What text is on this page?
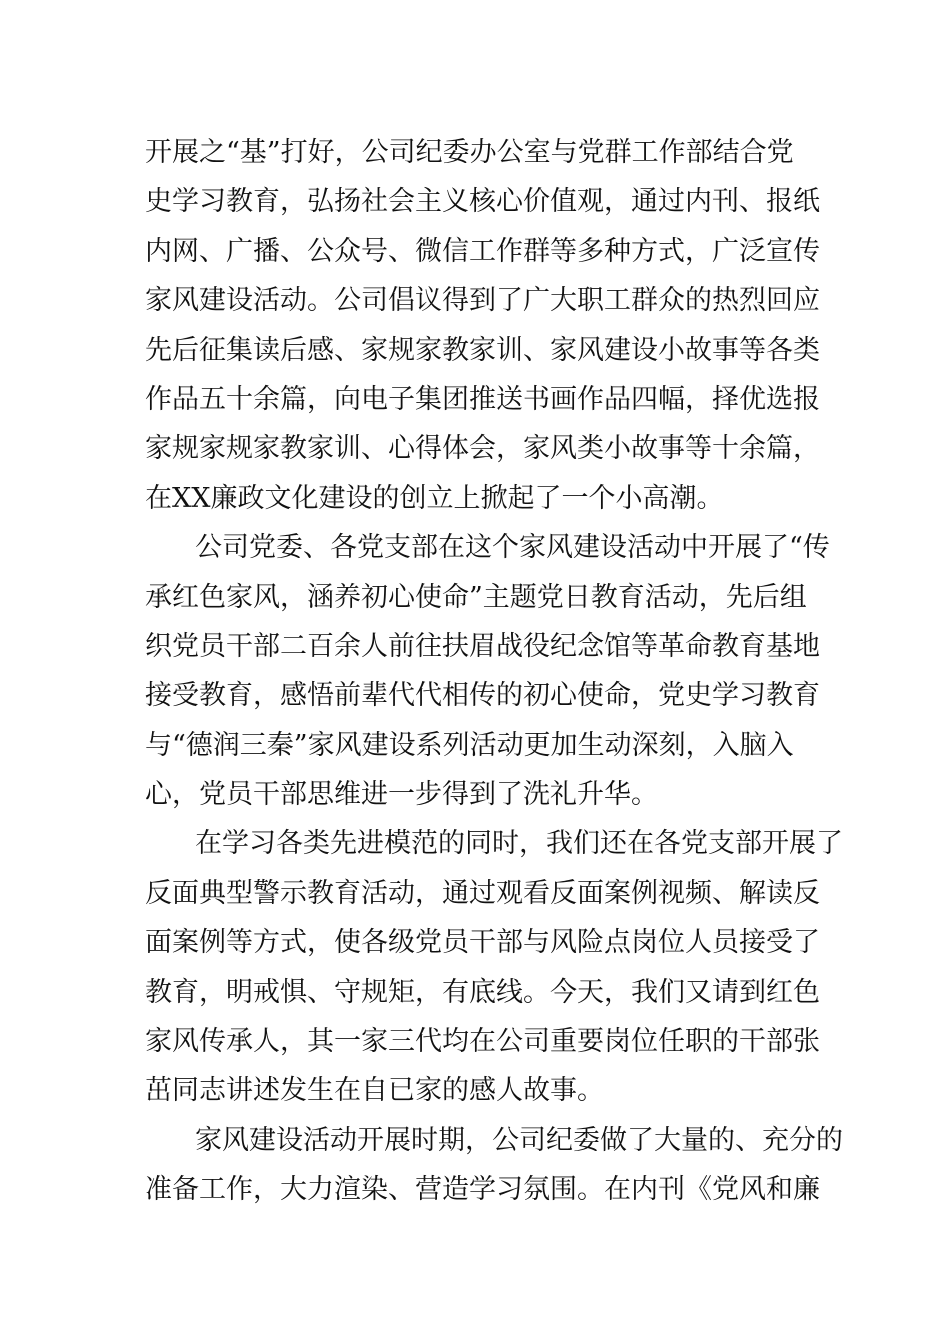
开展之“基”打好，公司纪委办公室与党群工作部结合党
史学习教育，弘扬社会主义核心价值观，通过内刊、报纸
内网、广播、公众号、微信工作群等多种方式，广泛宣传
家风建设活动。公司倡议得到了广大职工群众的热烈回应
先后征集读后感、家规家教家训、家风建设小故事等各类
作品五十余篇，向电子集团推送书画作品四幅，择优选报
家规家规家教家训、心得体会，家风类小故事等十余篇，
在XX廉政文化建设的创立上掀起了一个小高潮。
公司党委、各党支部在这个家风建设活动中开展了“传
承红色家风，涵养初心使命”主题党日教育活动，先后组
织党员干部二百余人前往扶眉战役纪念馆等革命教育基地
接受教育，感悟前辈代代相传的初心使命，党史学习教育
与“德润三秦”家风建设系列活动更加生动深刻，入脑入
心，党员干部思维进一步得到了洗礼升华。
在学习各类先进模范的同时，我们还在各党支部开展了
反面典型警示教育活动，通过观看反面案例视频、解读反
面案例等方式，使各级党员干部与风险点岗位人员接受了
教育，明戒惧、守规矩，有底线。今天，我们又请到红色
家风传承人，其一家三代均在公司重要岗位任职的干部张
茁同志讲述发生在自已家的感人故事。
家风建设活动开展时期，公司纪委做了大量的、充分的
准备工作，大力渲染、营造学习氛围。在内刊《党风和廉
